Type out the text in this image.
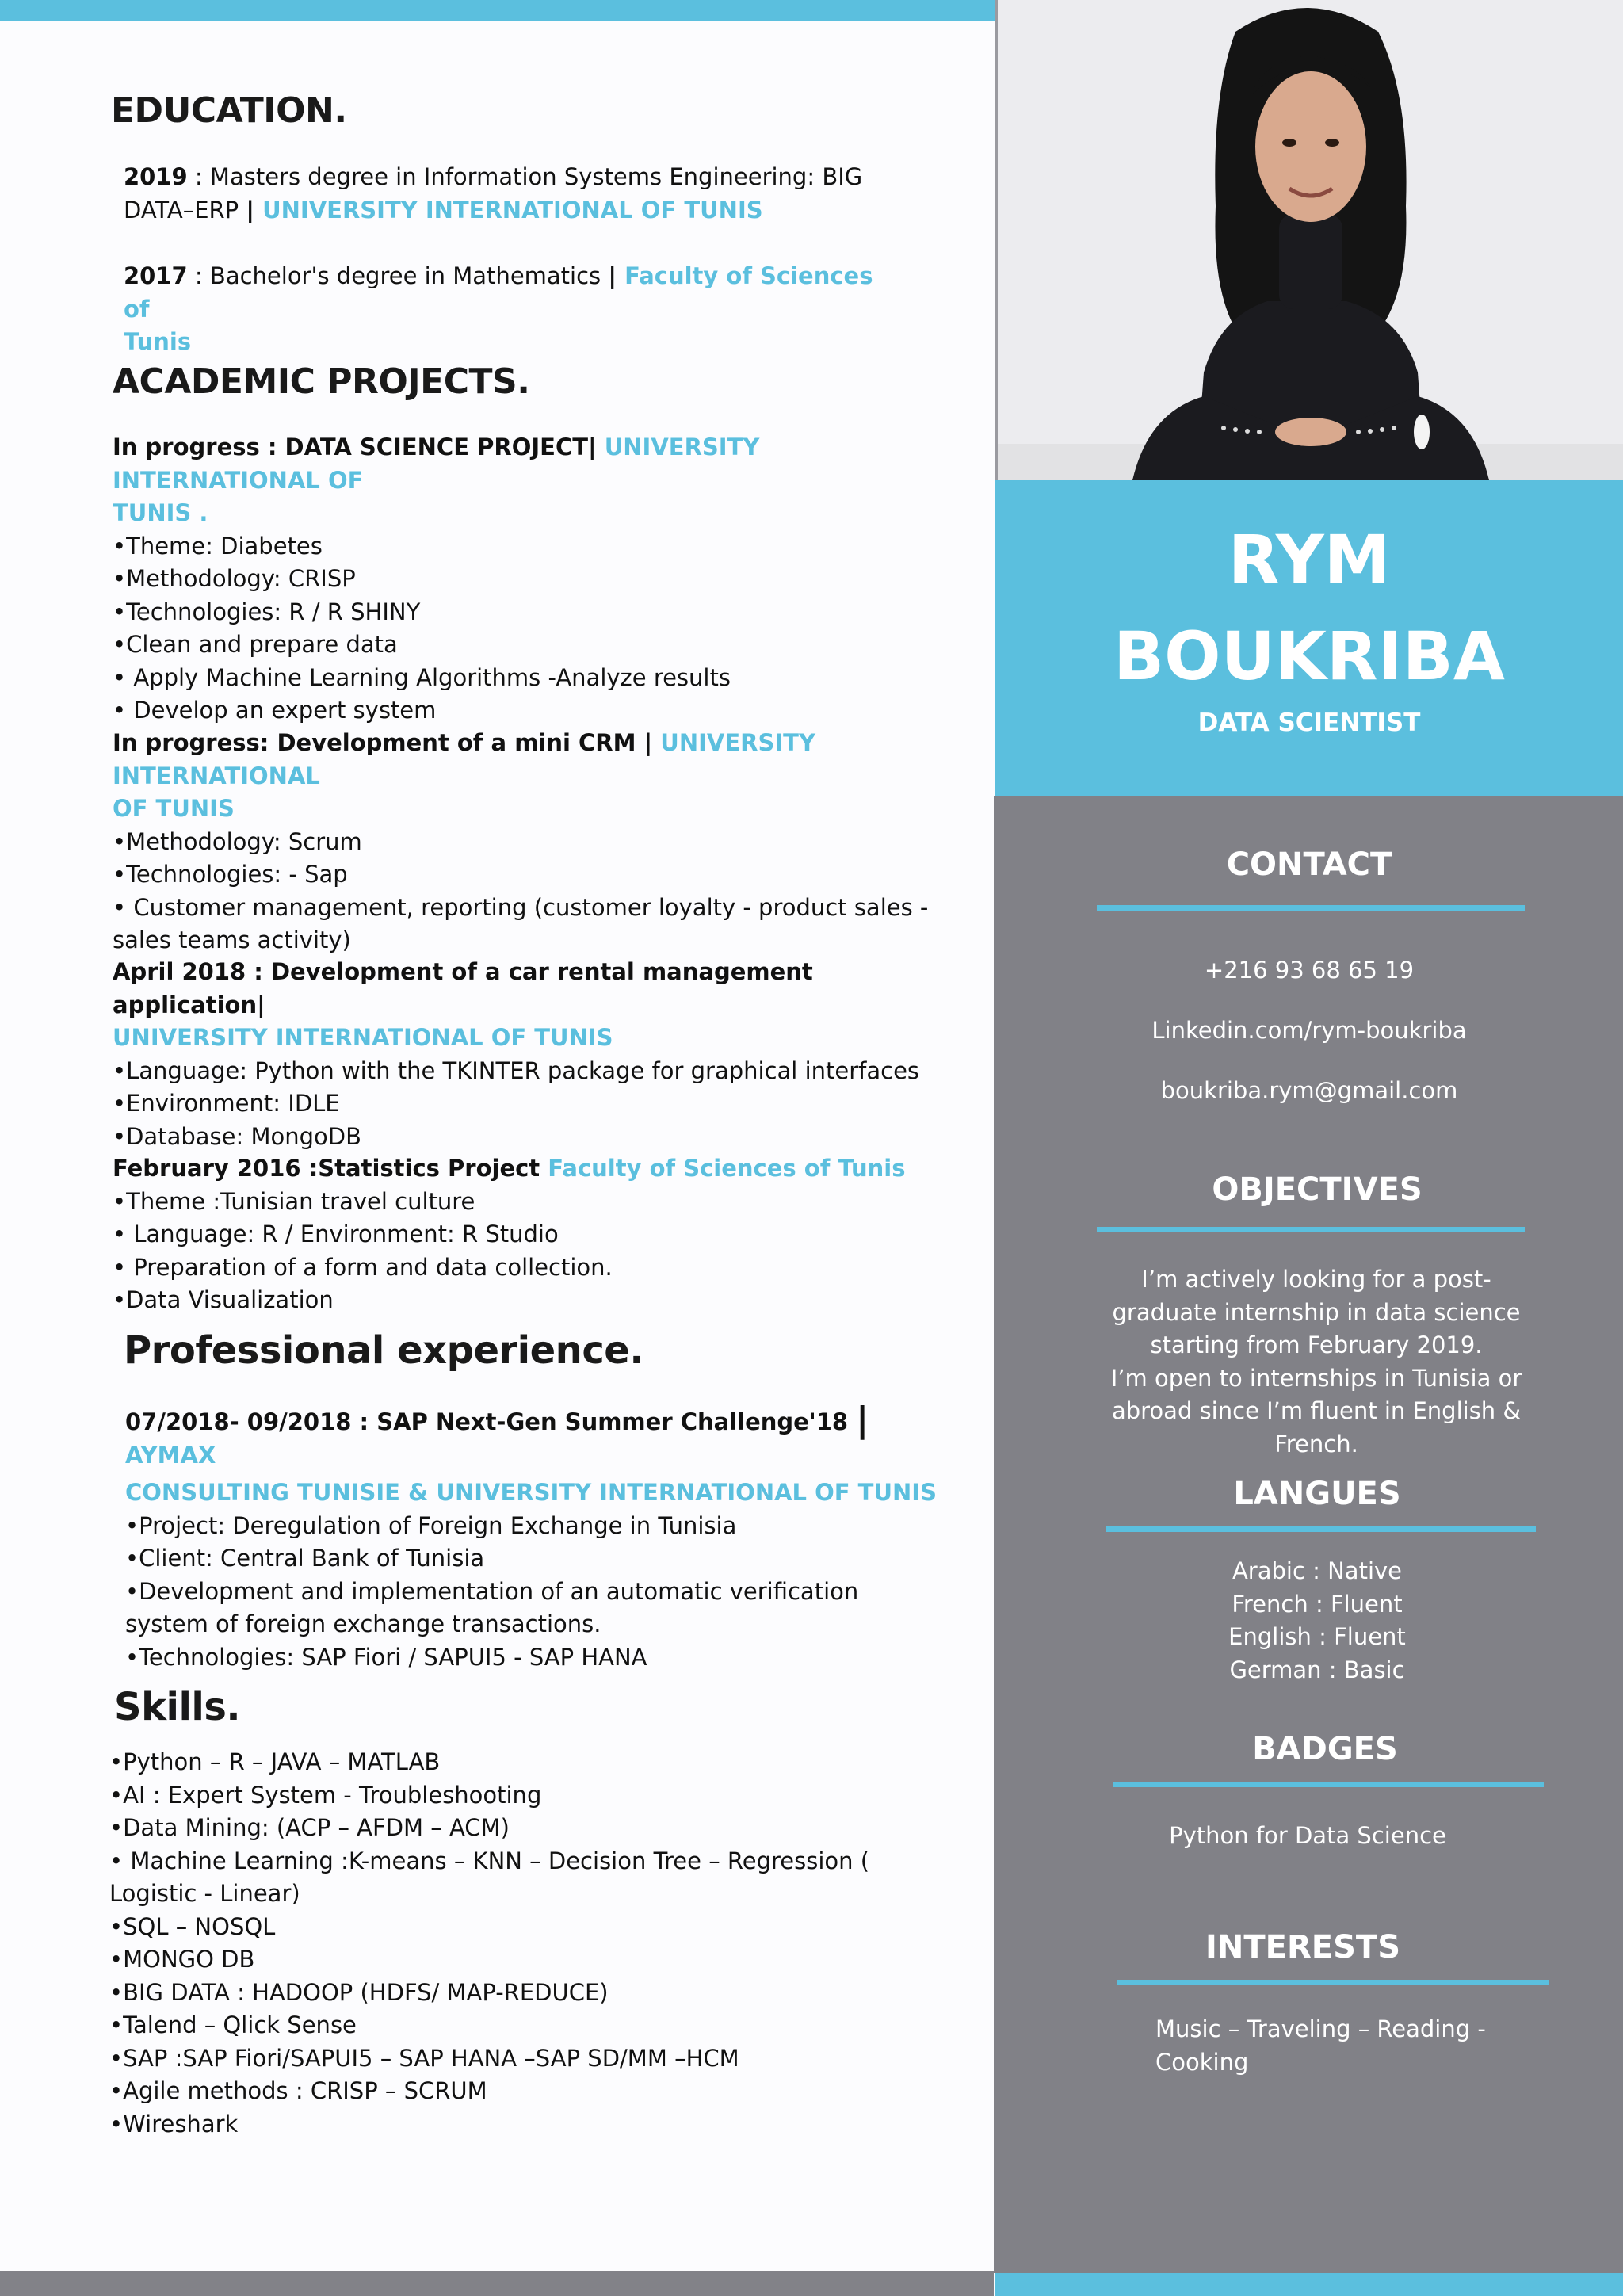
EDUCATION.

2019 : Masters degree in Information Systems Engineering: BIG

DATA–ERP | UNIVERSITY INTERNATIONAL OF TUNIS

2017 : Bachelor's degree in Mathematics | Faculty of Sciences of

Tunis

ACADEMIC PROJECTS.

In progress : DATA SCIENCE PROJECT| UNIVERSITY INTERNATIONAL OF

TUNIS .

•Theme: Diabetes

•Methodology: CRISP

•Technologies: R / R SHINY

•Clean and prepare data

• Apply Machine Learning Algorithms -Analyze results

• Develop an expert system

In progress: Development of a mini CRM | UNIVERSITY INTERNATIONAL

OF TUNIS

•Methodology: Scrum

•Technologies: - Sap

• Customer management, reporting (customer loyalty - product sales -

sales teams activity)

April 2018 : Development of a car rental management application|

UNIVERSITY INTERNATIONAL OF TUNIS

•Language: Python with the TKINTER package for graphical interfaces

•Environment: IDLE

•Database: MongoDB

February 2016 :Statistics Project Faculty of Sciences of Tunis

•Theme :Tunisian travel culture

• Language: R / Environment: R Studio

• Preparation of a form and data collection.

•Data Visualization

Professional experience.

07/2018- 09/2018 : SAP Next-Gen Summer Challenge'18 | AYMAX

CONSULTING TUNISIE & UNIVERSITY INTERNATIONAL OF TUNIS

•Project: Deregulation of Foreign Exchange in Tunisia

•Client: Central Bank of Tunisia

•Development and implementation of an automatic verification

system of foreign exchange transactions.

•Technologies: SAP Fiori / SAPUI5 - SAP HANA

Skills.

•Python – R – JAVA – MATLAB

•AI : Expert System - Troubleshooting

•Data Mining: (ACP – AFDM – ACM)

• Machine Learning :K-means – KNN – Decision Tree – Regression (

Logistic - Linear)

•SQL – NOSQL

•MONGO DB

•BIG DATA : HADOOP (HDFS/ MAP-REDUCE)

•Talend – Qlick Sense

•SAP :SAP Fiori/SAPUI5 – SAP HANA –SAP SD/MM –HCM

•Agile methods : CRISP – SCRUM

•Wireshark

RYM

BOUKRIBA

DATA SCIENTIST
CONTACT
+216 93 68 65 19
Linkedin.com/rym-boukriba
boukriba.rym@gmail.com
OBJECTIVES

I’m actively looking for a post-

graduate internship in data science

starting from February 2019.

I’m open to internships in Tunisia or

abroad since I’m fluent in English &

French.

LANGUES

Arabic : Native

French : Fluent

English : Fluent

German : Basic

BADGES

Python for Data Science

INTERESTS

Music – Traveling – Reading -

Cooking
